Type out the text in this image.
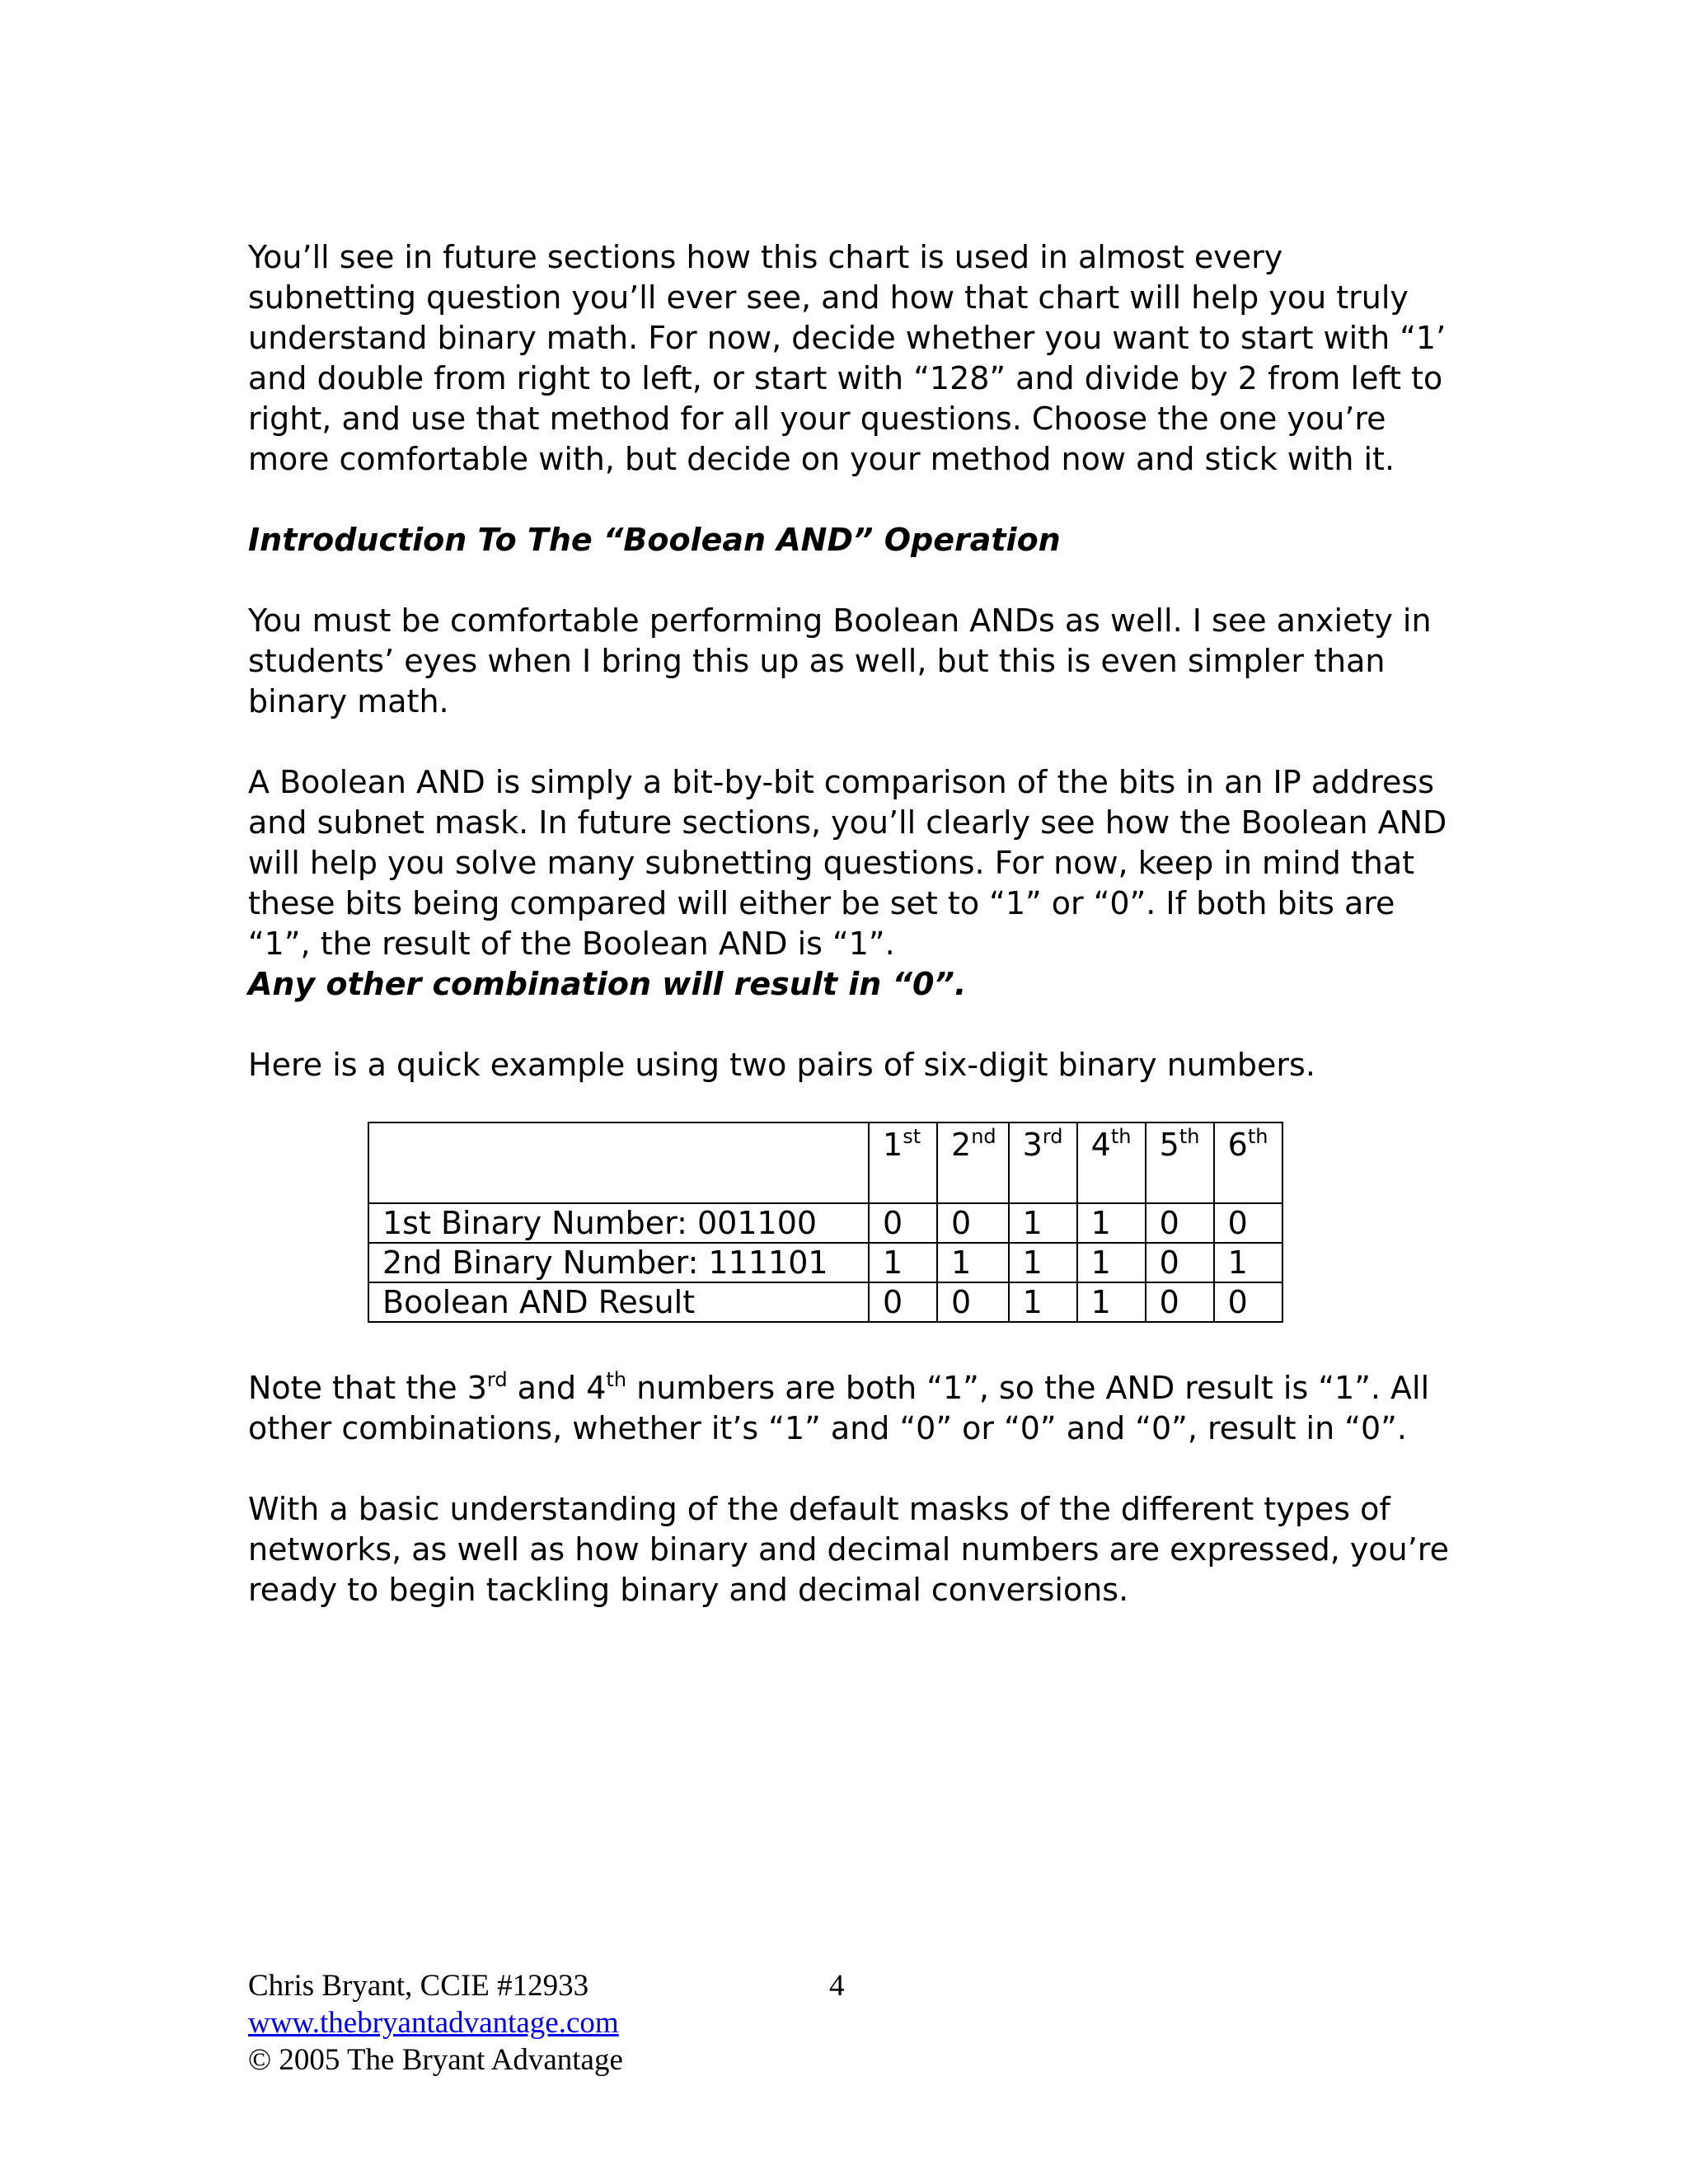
You’ll see in future sections how this chart is used in almost every subnetting question you’ll ever see, and how that chart will help you truly understand binary math. For now, decide whether you want to start with “1’ and double from right to left, or start with “128” and divide by 2 from left to right, and use that method for all your questions. Choose the one you’re more comfortable with, but decide on your method now and stick with it.

Introduction To The “Boolean AND” Operation

You must be comfortable performing Boolean ANDs as well. I see anxiety in students’ eyes when I bring this up as well, but this is even simpler than binary math.

A Boolean AND is simply a bit-by-bit comparison of the bits in an IP address and subnet mask. In future sections, you’ll clearly see how the Boolean AND will help you solve many subnetting questions. For now, keep in mind that these bits being compared will either be set to “1” or “0”. If both bits are “1”, the result of the Boolean AND is “1”.
Any other combination will result in “0”.

Here is a quick example using two pairs of six-digit binary numbers.

	1st	2nd	3rd	4th	5th	6th
1st Binary Number: 001100	0	0	1	1	0	0
2nd Binary Number: 111101	1	1	1	1	0	1
Boolean AND Result	0	0	1	1	0	0

Note that the 3rd and 4th numbers are both “1”, so the AND result is “1”. All other combinations, whether it’s “1” and “0” or “0” and “0”, result in “0”.

With a basic understanding of the default masks of the different types of networks, as well as how binary and decimal numbers are expressed, you’re ready to begin tackling binary and decimal conversions.

Chris Bryant, CCIE #12933	4
www.thebryantadvantage.com
© 2005 The Bryant Advantage
